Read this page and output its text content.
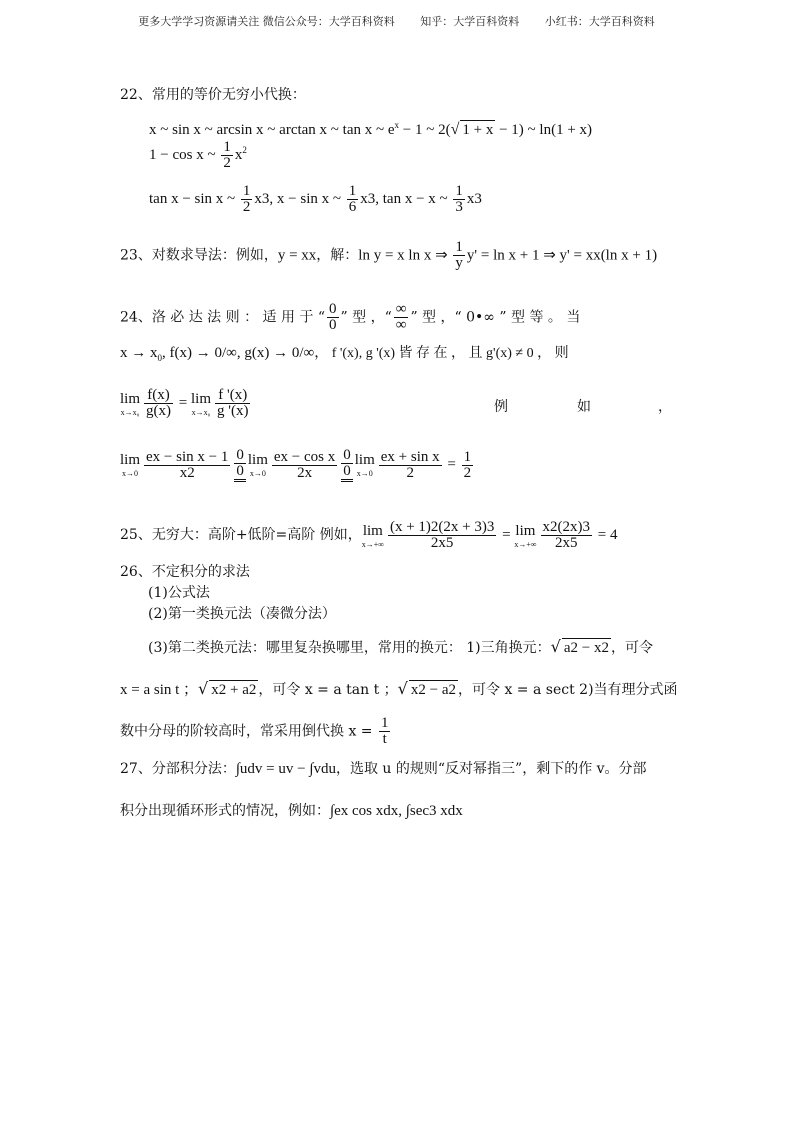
更多大学学习资源请关注 微信公众号：大学百科资料 知乎：大学百科资料 小红书：大学百科资料
22、常用的等价无穷小代换：
x ~ sin x ~ arcsin x ~ arctan x ~ tan x ~ $e^x - 1$ ~ 2(√ 1 + x − 1) ~ ln(1 + x)
1 − cos x ~ $\frac{1}{2} x^2$
tan x − sin x ~ $\frac{1}{2} x3$, x − sin x ~ $\frac{1}{6} x3$, tan x − x ~ $\frac{1}{3} x3$
23、对数求导法：例如，y = xx，解：ln y = x ln x ⇒ $\frac{1}{y} y' = \ln x + 1$ ⇒ y' = xx(ln x + 1)
24、洛 必 达 法 则 ： 适 用 于 “ $\frac{0}{0}$ ” 型 ，“ $\frac{\infty}{\infty}$ ” 型 ，“ 0•∞ ” 型 等 。 当
$x \to x_0$, f(x) → 0/∞, g(x) → 0/∞， f '(x), g '(x) 皆 存 在 ， 且 g'(x) ≠ 0 ， 则
lim
$x\to x_0 \frac{f(x)}{g(x)} = \lim$
$x\to x_0 \frac{f '(x)}{g '(x)}$	例	如	，
lim
$x\to 0 \frac{\text{ex − sin x − 1}}{x2} \frac{0}{0}$ lim
$x\to 0 \frac{\text{ex − cos x}}{2x} \frac{0}{0}$ lim
$x\to 0 \frac{\text{ex + sin x}}{2} = \frac{1}{2}$
25、无穷大：高阶+低阶=高阶 例如， lim
$x\to+\infty \frac{(x + 1)2(2x + 3)3}{2x5} = \lim$
$x\to+\infty \frac{x2(2x)3}{2x5} = 4$
26、不定积分的求法
(1)公式法
(2)第一类换元法（凑微分法）
(3)第二类换元法：哪里复杂换哪里，常用的换元： 1)三角换元：√ a2 − x2 ，可令
x = a sin t ；√ x2 + a2 ，可令 x = a tan t ；√ x2 − a2 ，可令 x = a sect 2)当有理分式函
数中分母的阶较高时，常采用倒代换 $x = \frac{1}{t}$
27、分部积分法：∫udv = uv − ∫vdu，选取 u 的规则“反对幂指三”，剩下的作 v。分部
积分出现循环形式的情况，例如：∫ex cos xdx, ∫sec3 xdx
